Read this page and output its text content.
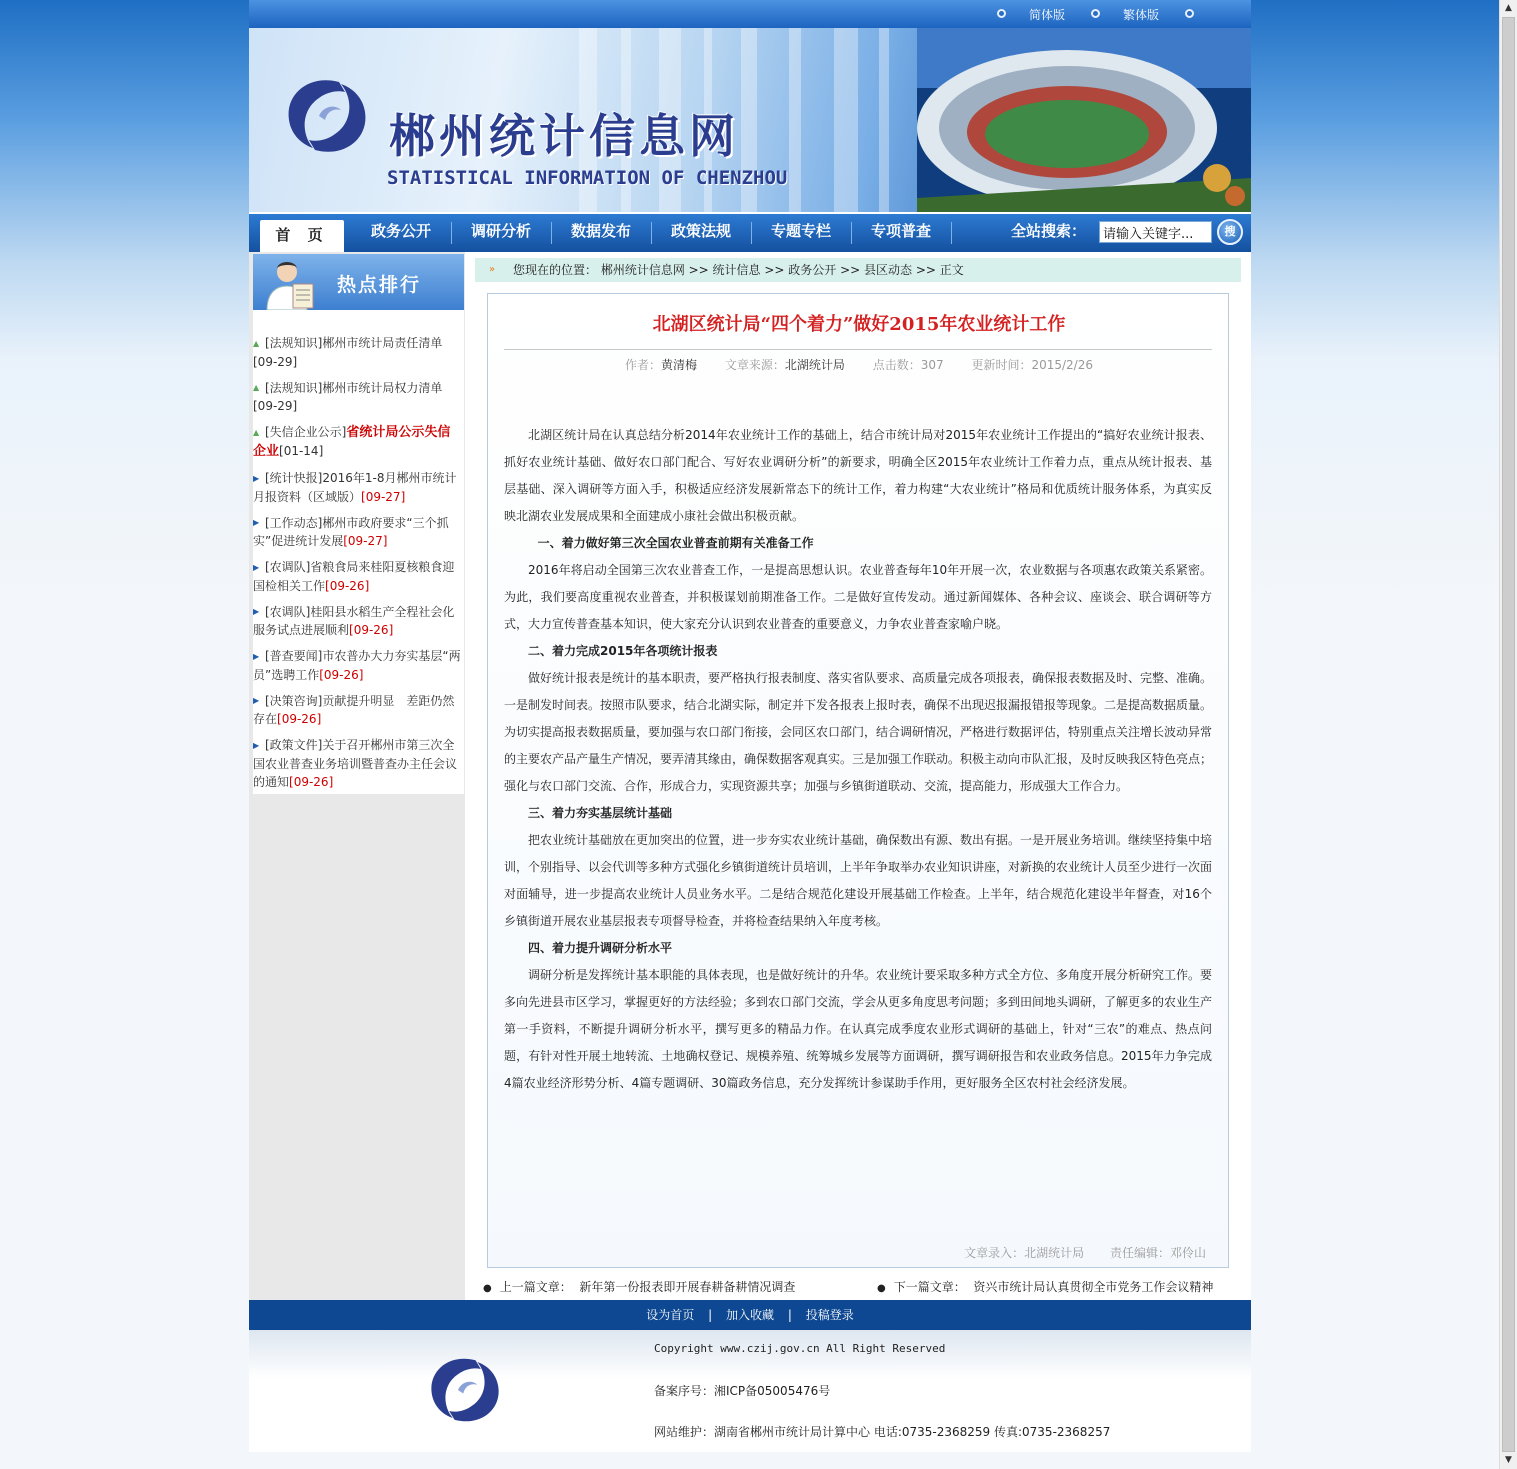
▲
▼
简体版	繁体版
郴州统计信息网
STATISTICAL INFORMATION OF CHENZHOU
首 页	政务公开	调研分析	数据发布	政策法规	专题专栏	专项普查	全站搜索：
请输入关键字...	搜
热点排行
▲ [法规知识]郴州市统计局责任清单
[09-29]
▲ [法规知识]郴州市统计局权力清单
[09-29]
▲ [失信企业公示]省统计局公示失信企业[01-14]
▶ [统计快报]2016年1-8月郴州市统计月报资料（区域版）[09-27]
▶ [工作动态]郴州市政府要求“三个抓实”促进统计发展[09-27]
▶ [农调队]省粮食局来桂阳夏核粮食迎国检相关工作[09-26]
▶ [农调队]桂阳县水稻生产全程社会化服务试点进展顺利[09-26]
▶ [普查要闻]市农普办大力夯实基层“两员”选聘工作[09-26]
▶ [决策咨询]贡献提升明显　差距仍然存在[09-26]
▶ [政策文件]关于召开郴州市第三次全国农业普查业务培训暨普查办主任会议的通知[09-26]
»	您现在的位置： 郴州统计信息网 >> 统计信息 >> 政务公开 >> 县区动态 >> 正文
北湖区统计局“四个着力”做好2015年农业统计工作
作者：黄清梅 文章来源：北湖统计局 点击数：307 更新时间：2015/2/26

北湖区统计局在认真总结分析2014年农业统计工作的基础上，结合市统计局对2015年农业统计工作提出的“搞好农业统计报表、抓好农业统计基础、做好农口部门配合、写好农业调研分析”的新要求，明确全区2015年农业统计工作着力点，重点从统计报表、基层基础、深入调研等方面入手，积极适应经济发展新常态下的统计工作，着力构建“大农业统计”格局和优质统计服务体系，为真实反映北湖农业发展成果和全面建成小康社会做出积极贡献。

一、着力做好第三次全国农业普查前期有关准备工作

2016年将启动全国第三次农业普查工作，一是提高思想认识。农业普查每年10年开展一次，农业数据与各项惠农政策关系紧密。为此，我们要高度重视农业普查，并积极谋划前期准备工作。二是做好宣传发动。通过新闻媒体、各种会议、座谈会、联合调研等方式，大力宣传普查基本知识，使大家充分认识到农业普查的重要意义，力争农业普查家喻户晓。

二、着力完成2015年各项统计报表

做好统计报表是统计的基本职责，要严格执行报表制度、落实省队要求、高质量完成各项报表，确保报表数据及时、完整、准确。一是制发时间表。按照市队要求，结合北湖实际，制定并下发各报表上报时表，确保不出现迟报漏报错报等现象。二是提高数据质量。为切实提高报表数据质量，要加强与农口部门衔接，会同区农口部门，结合调研情况，严格进行数据评估，特别重点关注增长波动异常的主要农产品产量生产情况，要弄清其缘由，确保数据客观真实。三是加强工作联动。积极主动向市队汇报，及时反映我区特色亮点；强化与农口部门交流、合作，形成合力，实现资源共享；加强与乡镇街道联动、交流，提高能力，形成强大工作合力。

三、着力夯实基层统计基础

把农业统计基础放在更加突出的位置，进一步夯实农业统计基础，确保数出有源、数出有据。一是开展业务培训。继续坚持集中培训，个别指导、以会代训等多种方式强化乡镇街道统计员培训，上半年争取举办农业知识讲座，对新换的农业统计人员至少进行一次面对面辅导，进一步提高农业统计人员业务水平。二是结合规范化建设开展基础工作检查。上半年，结合规范化建设半年督查，对16个乡镇街道开展农业基层报表专项督导检查，并将检查结果纳入年度考核。

四、着力提升调研分析水平

调研分析是发挥统计基本职能的具体表现，也是做好统计的升华。农业统计要采取多种方式全方位、多角度开展分析研究工作。要多向先进县市区学习，掌握更好的方法经验；多到农口部门交流，学会从更多角度思考问题；多到田间地头调研，了解更多的农业生产第一手资料，不断提升调研分析水平，撰写更多的精品力作。在认真完成季度农业形式调研的基础上，针对“三农”的难点、热点问题，有针对性开展土地转流、土地确权登记、规模养殖、统筹城乡发展等方面调研，撰写调研报告和农业政务信息。2015年力争完成4篇农业经济形势分析、4篇专题调研、30篇政务信息，充分发挥统计参谋助手作用，更好服务全区农村社会经济发展。

文章录入：北湖统计局 责任编辑：邓伶山
● 上一篇文章： 新年第一份报表即开展春耕备耕情况调查	● 下一篇文章： 资兴市统计局认真贯彻全市党务工作会议精神
设为首页 | 加入收藏 | 投稿登录
Copyright www.czij.gov.cn All Right Reserved
备案序号：湘ICP备05005476号
网站维护：湖南省郴州市统计局计算中心 电话:0735-2368259 传真:0735-2368257
